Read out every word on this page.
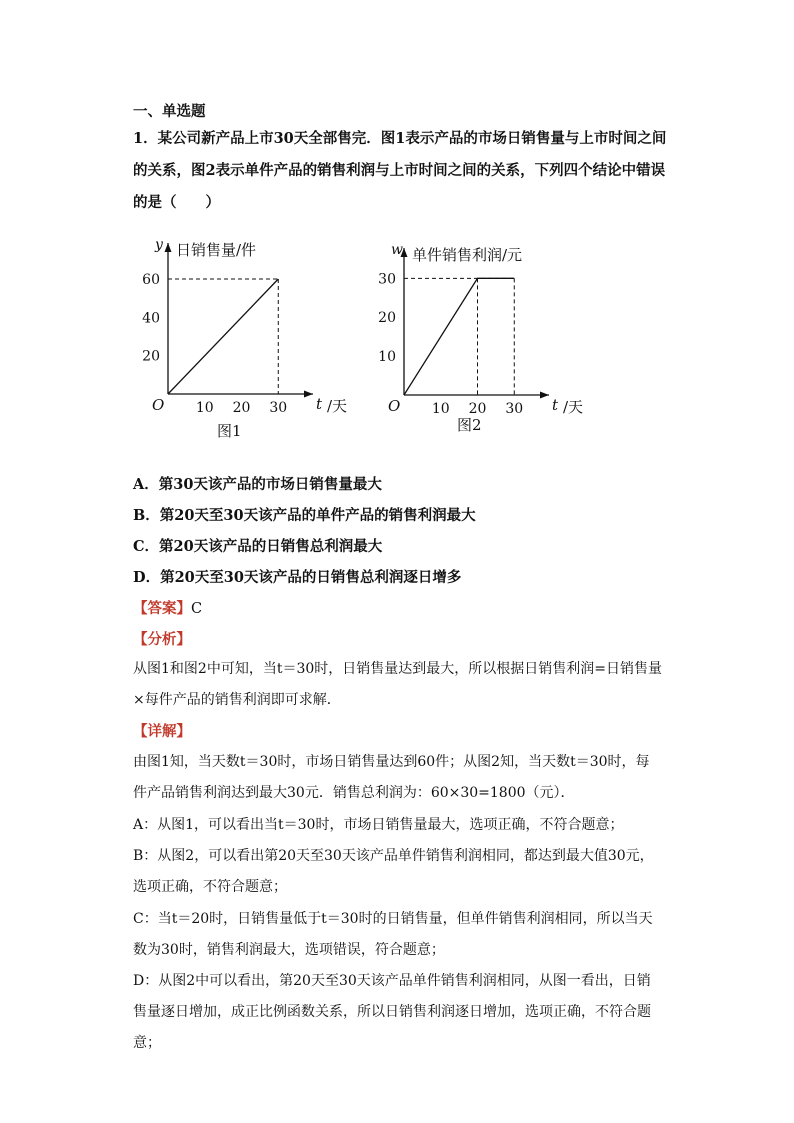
一、单选题
1．某公司新产品上市30天全部售完．图1表示产品的市场日销售量与上市时间之间
的关系，图2表示单件产品的销售利润与上市时间之间的关系，下列四个结论中错误
的是（　　）
y 日销售量/件
t /天
O 10 20 30
20
40
60
图1
w 单件销售利润/元
t /天
O 10 20 30
10
20
30
图2
A．第30天该产品的市场日销售量最大
B．第20天至30天该产品的单件产品的销售利润最大
C．第20天该产品的日销售总利润最大
D．第20天至30天该产品的日销售总利润逐日增多
【答案】C
【分析】
从图1和图2中可知，当t＝30时，日销售量达到最大，所以根据日销售利润=日销售量×每件产品的销售利润即可求解．
【详解】
由图1知，当天数t＝30时，市场日销售量达到60件；从图2知，当天数t＝30时，每件产品销售利润达到最大30元．销售总利润为：60×30=1800（元）．
A：从图1，可以看出当t＝30时，市场日销售量最大，选项正确，不符合题意；
B：从图2，可以看出第20天至30天该产品单件销售利润相同，都达到最大值30元，选项正确，不符合题意；
C：当t＝20时，日销售量低于t＝30时的日销售量，但单件销售利润相同，所以当天数为30时，销售利润最大，选项错误，符合题意；
D：从图2中可以看出，第20天至30天该产品单件销售利润相同，从图一看出，日销售量逐日增加，成正比例函数关系，所以日销售利润逐日增加，选项正确，不符合题意；
